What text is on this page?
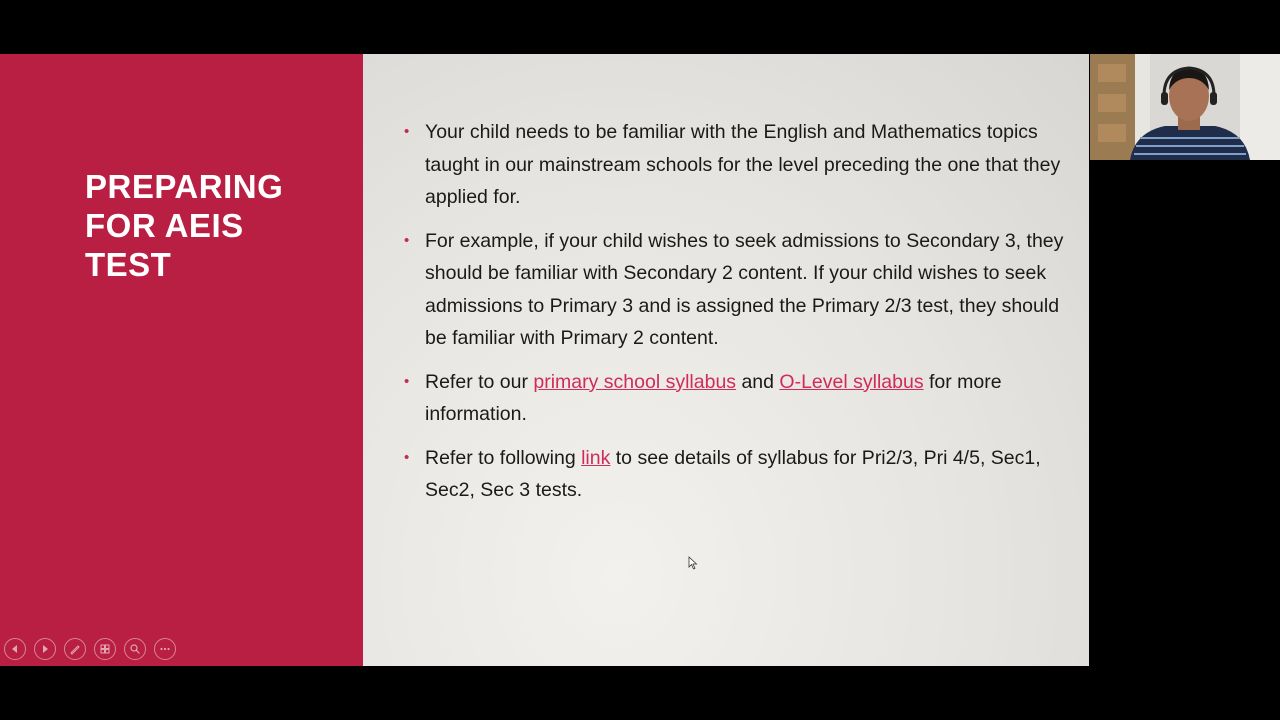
PREPARING
FOR AEIS
TEST
• Your child needs to be familiar with the English and Mathematics topics taught in our mainstream schools for the level preceding the one that they applied for.
• For example, if your child wishes to seek admissions to Secondary 3, they should be familiar with Secondary 2 content. If your child wishes to seek admissions to Primary 3 and is assigned the Primary 2/3 test, they should be familiar with Primary 2 content.
• Refer to our primary school syllabus and O-Level syllabus for more information.
• Refer to following link to see details of syllabus for Pri2/3, Pri 4/5, Sec1, Sec2, Sec 3 tests.
